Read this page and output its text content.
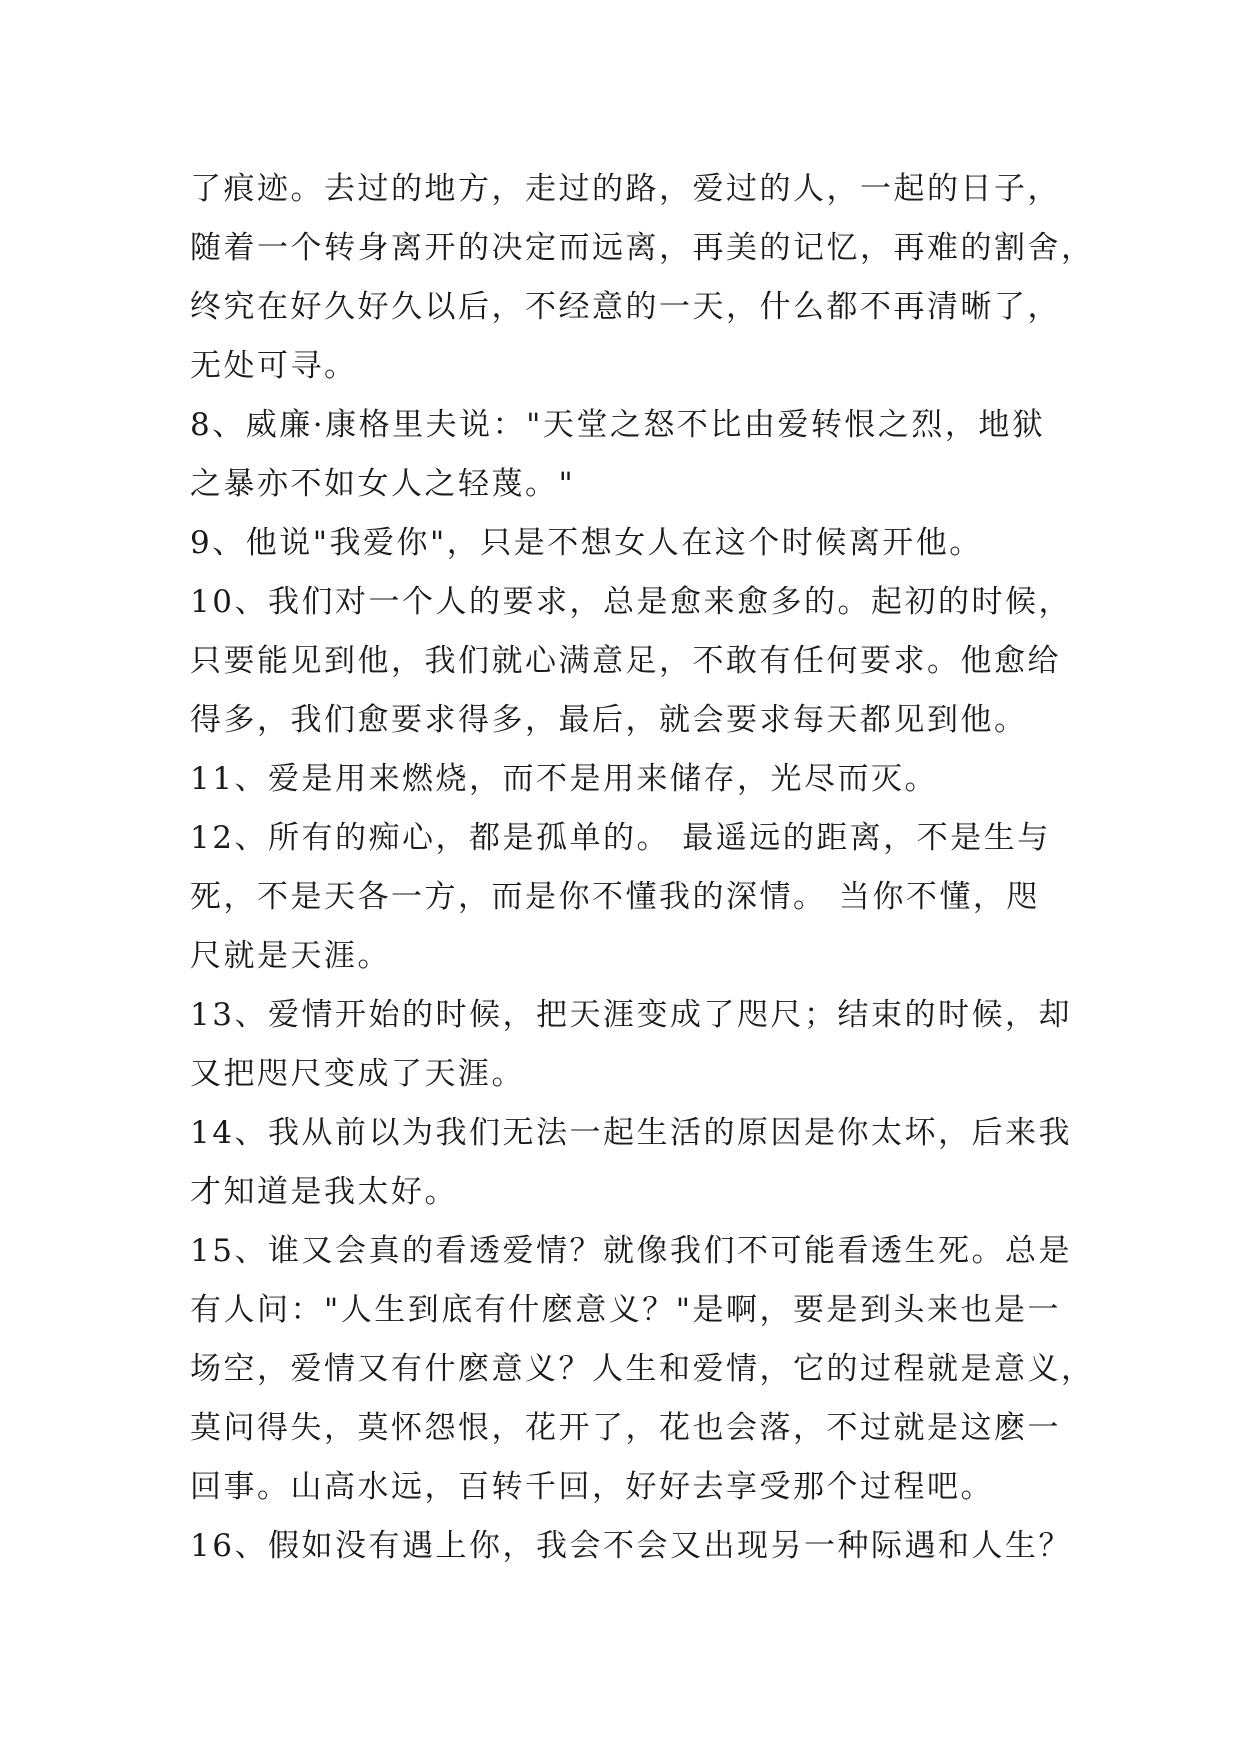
了痕迹。去过的地方，走过的路，爱过的人，一起的日子，
随着一个转身离开的决定而远离，再美的记忆，再难的割舍，
终究在好久好久以后，不经意的一天，什么都不再清晰了，
无处可寻。
8、威廉·康格里夫说："天堂之怒不比由爱转恨之烈，地狱
之暴亦不如女人之轻蔑。"
9、他说"我爱你"，只是不想女人在这个时候离开他。
10、我们对一个人的要求，总是愈来愈多的。起初的时候，
只要能见到他，我们就心满意足，不敢有任何要求。他愈给
得多，我们愈要求得多，最后，就会要求每天都见到他。
11、爱是用来燃烧，而不是用来储存，光尽而灭。
12、所有的痴心，都是孤单的。 最遥远的距离，不是生与
死，不是天各一方，而是你不懂我的深情。 当你不懂，咫
尺就是天涯。
13、爱情开始的时候，把天涯变成了咫尺；结束的时候，却
又把咫尺变成了天涯。
14、我从前以为我们无法一起生活的原因是你太坏，后来我
才知道是我太好。
15、谁又会真的看透爱情？就像我们不可能看透生死。总是
有人问："人生到底有什麽意义？"是啊，要是到头来也是一
场空，爱情又有什麽意义？人生和爱情，它的过程就是意义，
莫问得失，莫怀怨恨，花开了，花也会落，不过就是这麽一
回事。山高水远，百转千回，好好去享受那个过程吧。
16、假如没有遇上你，我会不会又出现另一种际遇和人生？
